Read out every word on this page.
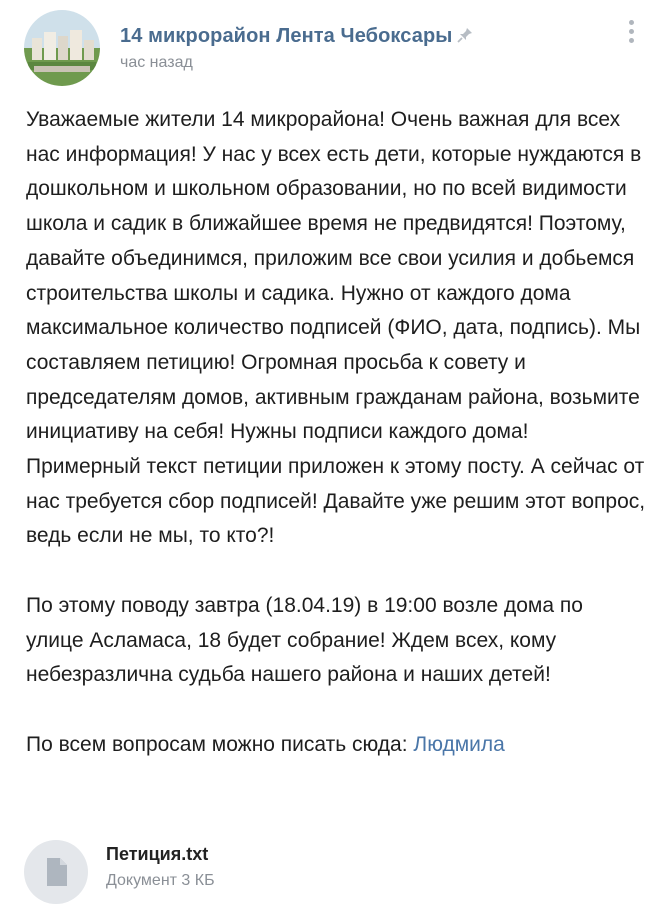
14 микрорайон Лента Чебоксары
час назад

Уважаемые жители 14 микрорайона! Очень важная для всех нас информация! У нас у всех есть дети, которые нуждаются в дошкольном и школьном образовании, но по всей видимости школа и садик в ближайшее время не предвидятся! Поэтому, давайте объединимся, приложим все свои усилия и добьемся строительства школы и садика. Нужно от каждого дома максимальное количество подписей (ФИО, дата, подпись). Мы составляем петицию! Огромная просьба к совету и председателям домов, активным гражданам района, возьмите инициативу на себя! Нужны подписи каждого дома! Примерный текст петиции приложен к этому посту. А сейчас от нас требуется сбор подписей! Давайте уже решим этот вопрос, ведь если не мы, то кто?!

По этому поводу завтра (18.04.19) в 19:00 возле дома по улице Асламаса, 18 будет собрание! Ждем всех, кому небезразлична судьба нашего района и наших детей!

По всем вопросам можно писать сюда: Людмила

Петиция.txt
Документ 3 КБ
